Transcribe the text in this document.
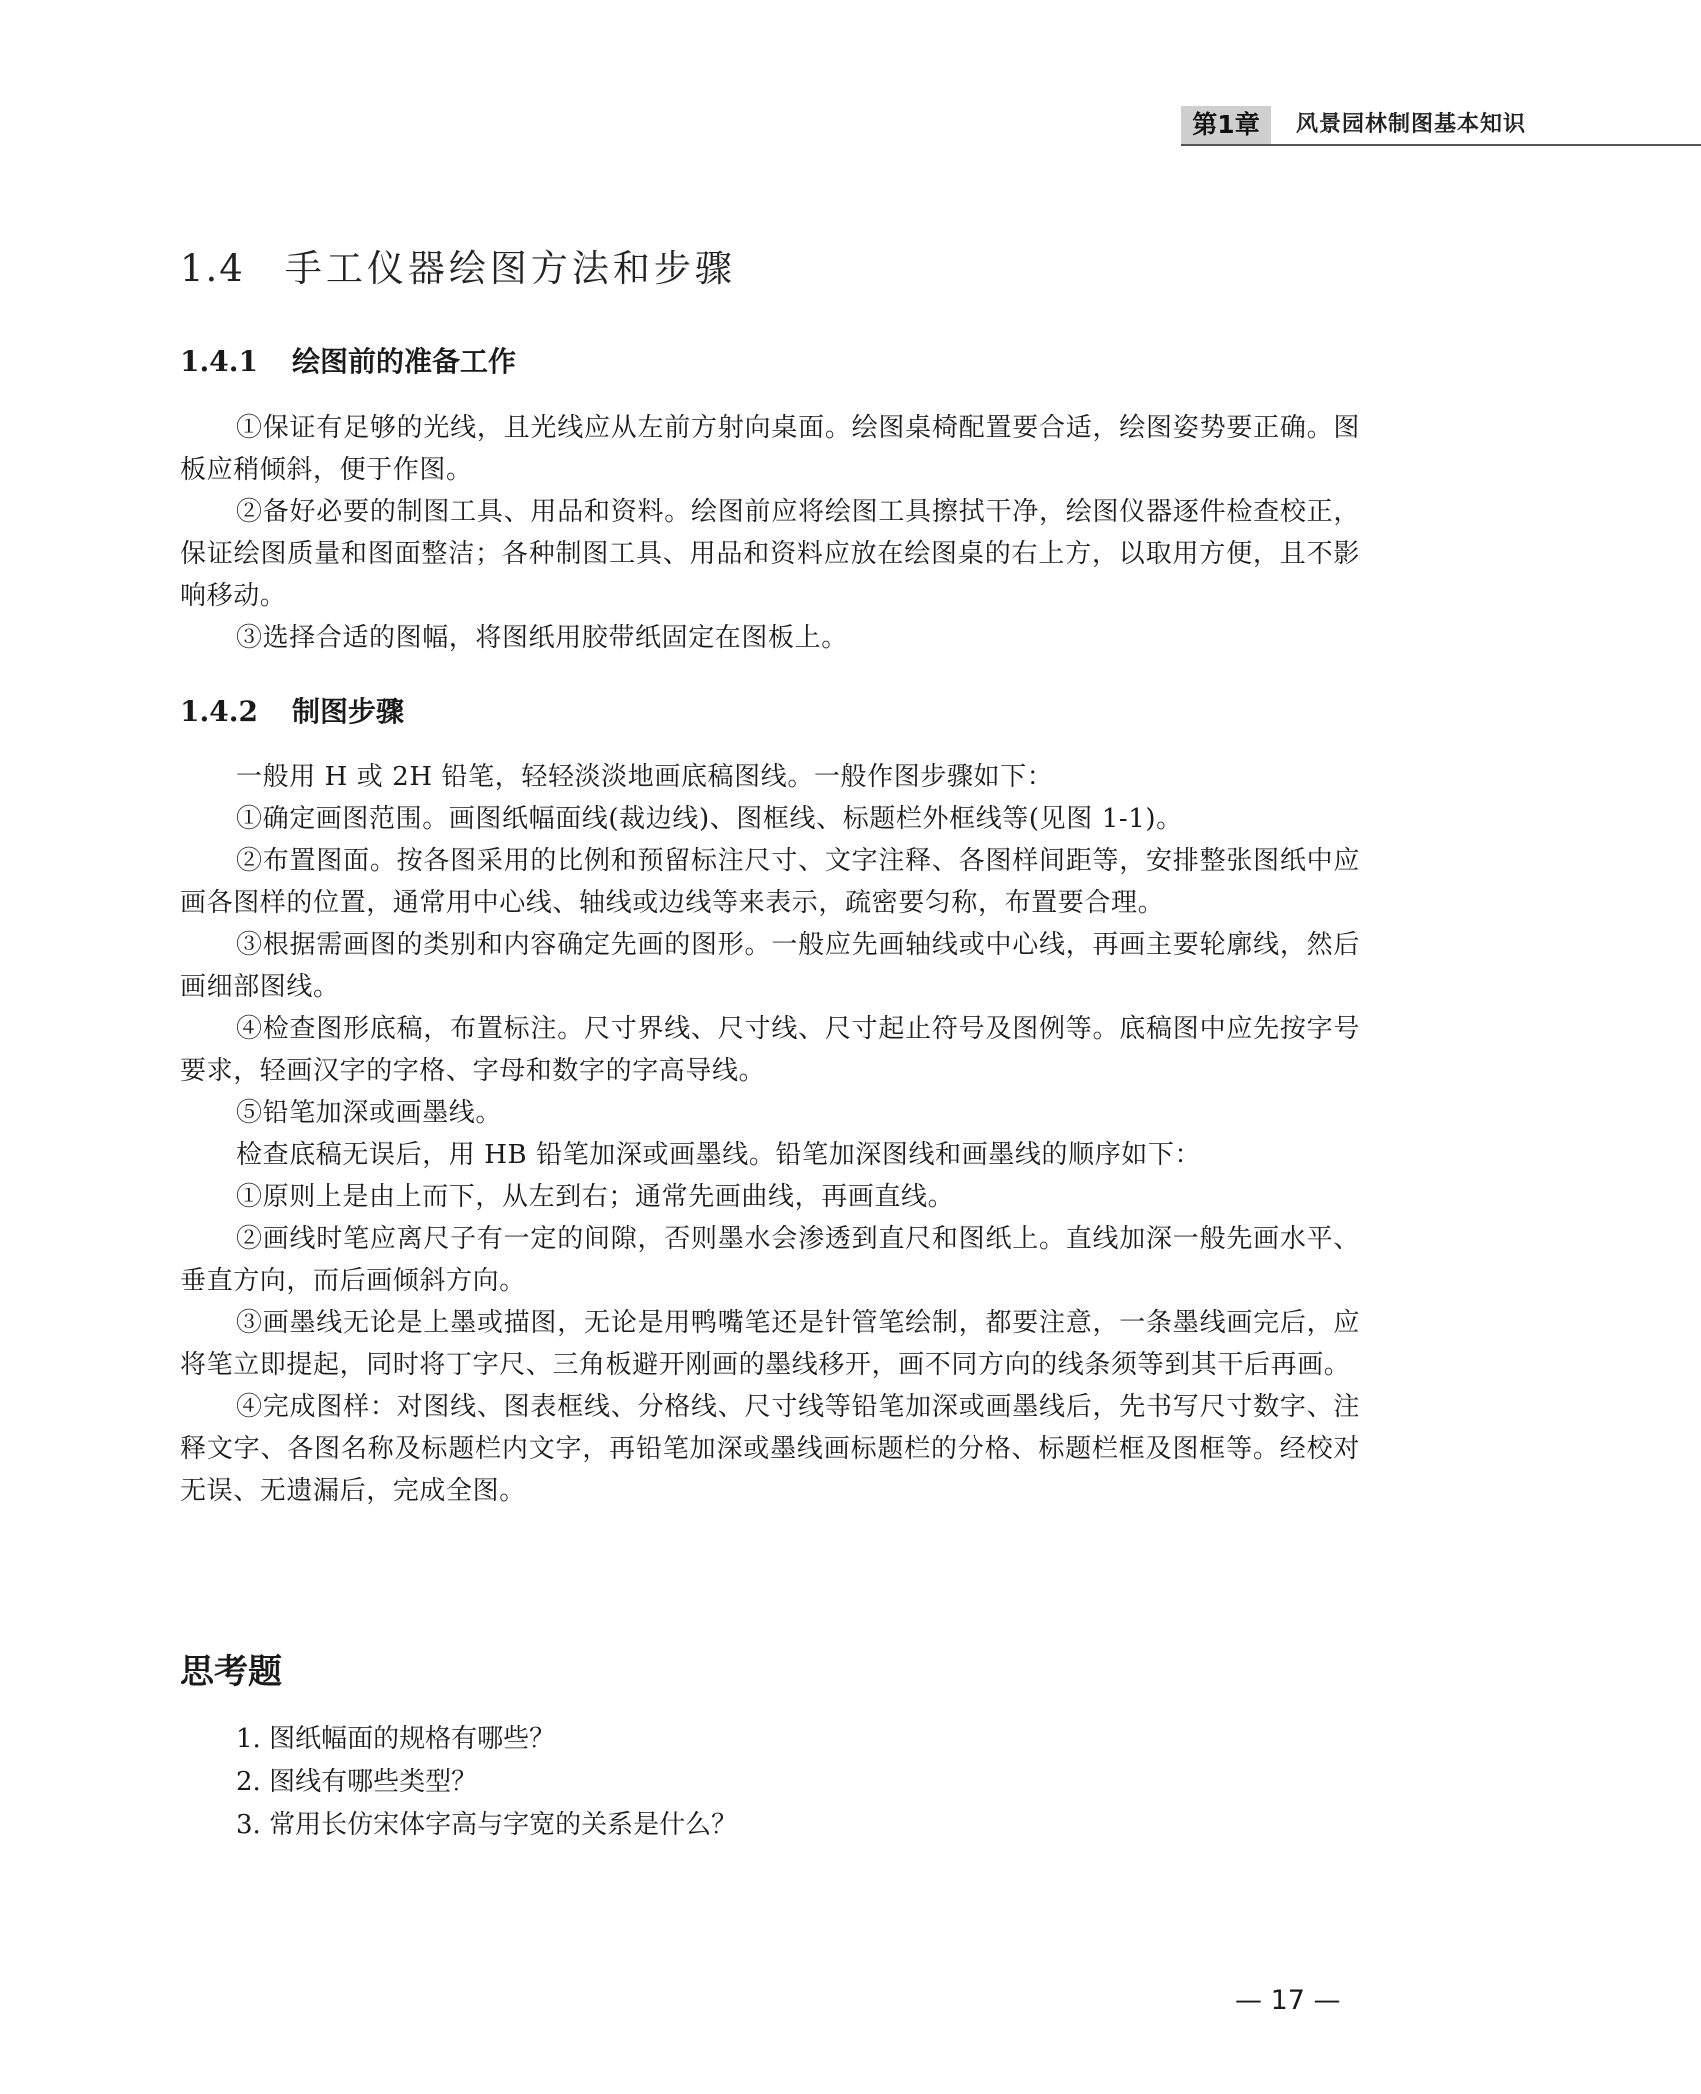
第1章	风景园林制图基本知识
1.4 手工仪器绘图方法和步骤
1.4.1 绘图前的准备工作

①保证有足够的光线，且光线应从左前方射向桌面。绘图桌椅配置要合适，绘图姿势要正确。图板应稍倾斜，便于作图。

②备好必要的制图工具、用品和资料。绘图前应将绘图工具擦拭干净，绘图仪器逐件检查校正，保证绘图质量和图面整洁；各种制图工具、用品和资料应放在绘图桌的右上方，以取用方便，且不影响移动。

③选择合适的图幅，将图纸用胶带纸固定在图板上。

1.4.2 制图步骤

一般用 H 或 2H 铅笔，轻轻淡淡地画底稿图线。一般作图步骤如下：

①确定画图范围。画图纸幅面线(裁边线)、图框线、标题栏外框线等(见图 1-1)。

②布置图面。按各图采用的比例和预留标注尺寸、文字注释、各图样间距等，安排整张图纸中应画各图样的位置，通常用中心线、轴线或边线等来表示，疏密要匀称，布置要合理。

③根据需画图的类别和内容确定先画的图形。一般应先画轴线或中心线，再画主要轮廓线，然后画细部图线。

④检查图形底稿，布置标注。尺寸界线、尺寸线、尺寸起止符号及图例等。底稿图中应先按字号要求，轻画汉字的字格、字母和数字的字高导线。

⑤铅笔加深或画墨线。

检查底稿无误后，用 HB 铅笔加深或画墨线。铅笔加深图线和画墨线的顺序如下：

①原则上是由上而下，从左到右；通常先画曲线，再画直线。

②画线时笔应离尺子有一定的间隙，否则墨水会渗透到直尺和图纸上。直线加深一般先画水平、垂直方向，而后画倾斜方向。

③画墨线无论是上墨或描图，无论是用鸭嘴笔还是针管笔绘制，都要注意，一条墨线画完后，应将笔立即提起，同时将丁字尺、三角板避开刚画的墨线移开，画不同方向的线条须等到其干后再画。

④完成图样：对图线、图表框线、分格线、尺寸线等铅笔加深或画墨线后，先书写尺寸数字、注释文字、各图名称及标题栏内文字，再铅笔加深或墨线画标题栏的分格、标题栏框及图框等。经校对无误、无遗漏后，完成全图。

思考题
1. 图纸幅面的规格有哪些？
2. 图线有哪些类型？
3. 常用长仿宋体字高与字宽的关系是什么？
— 17 —
